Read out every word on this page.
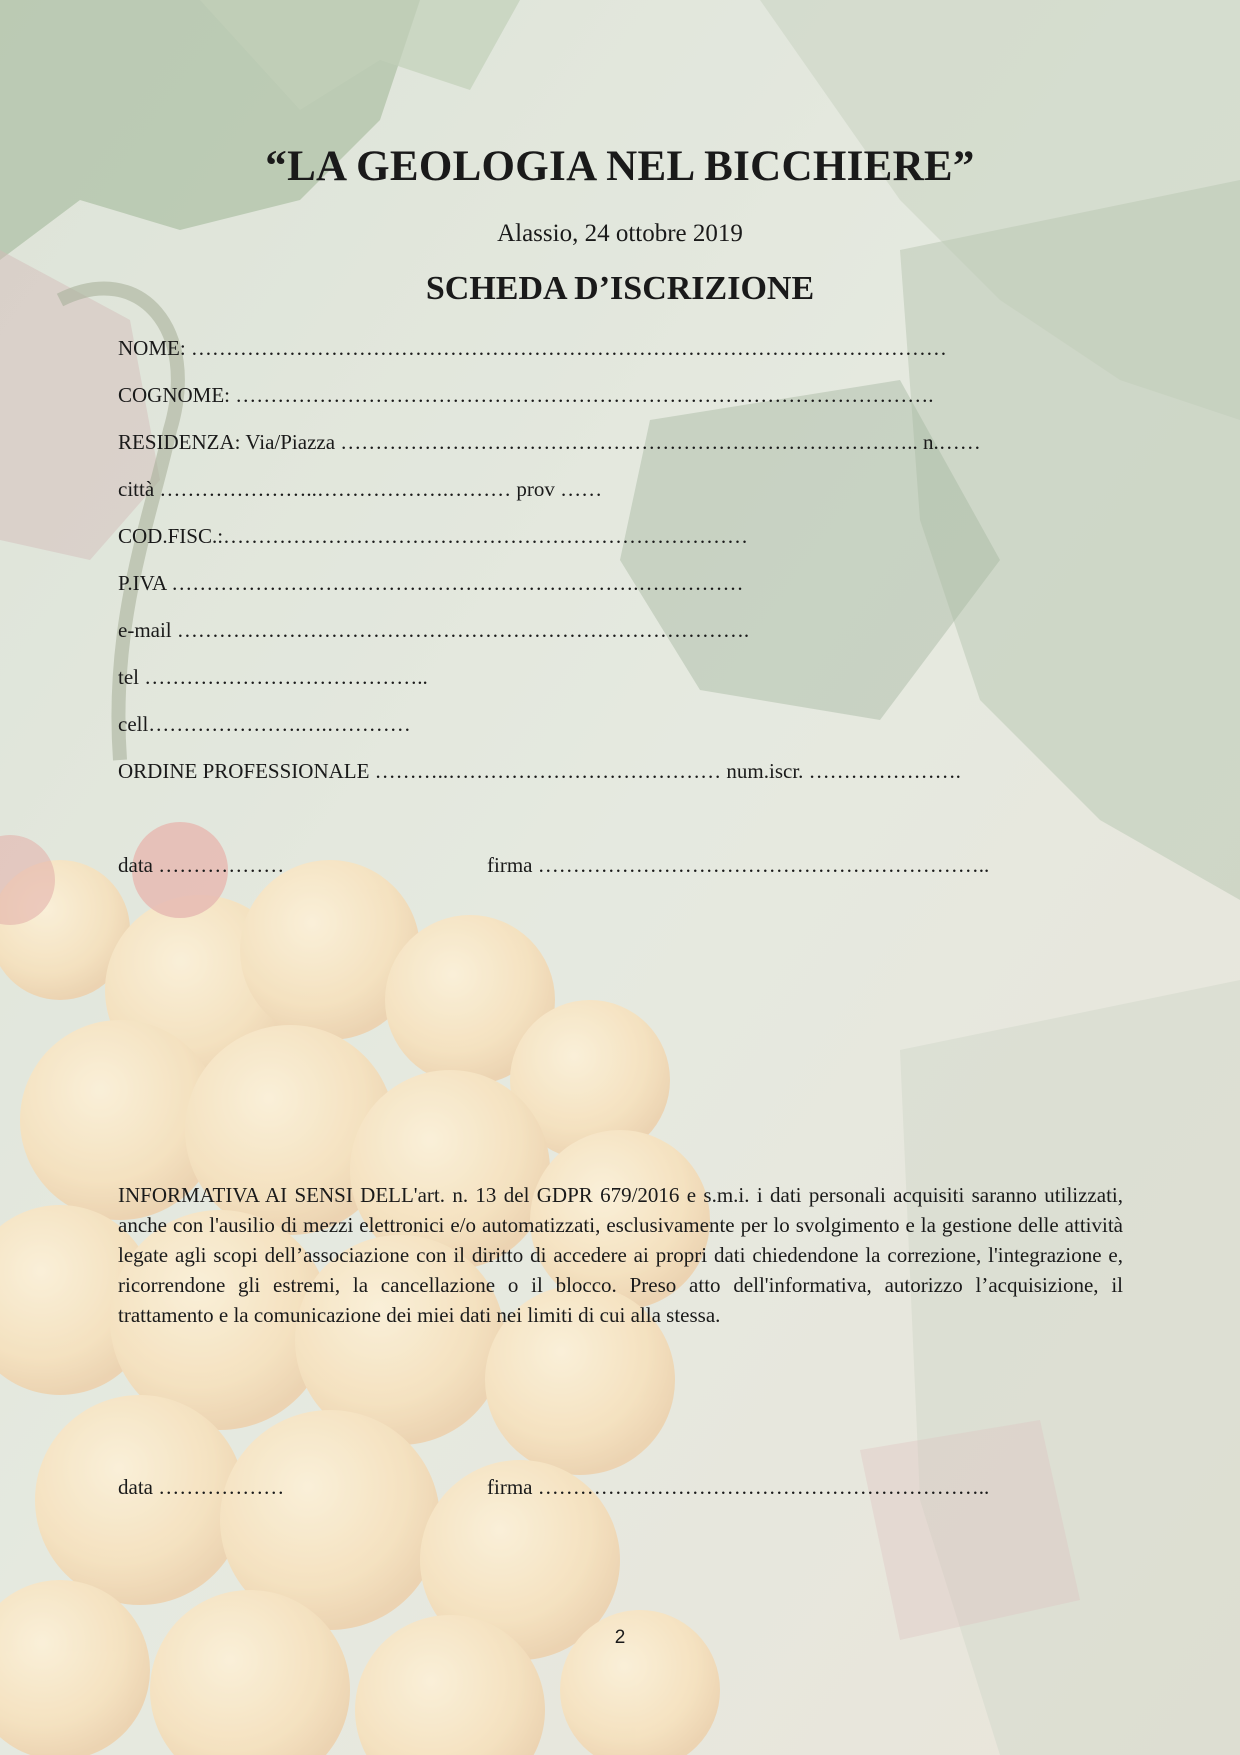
“LA GEOLOGIA NEL BICCHIERE”
Alassio, 24 ottobre 2019
SCHEDA D’ISCRIZIONE
NOME: ………………………………………………………………………………………………
COGNOME: ……………………………………………………………………………………….
RESIDENZA: Via/Piazza ……………………………………………………………………….. n.……
città …………………..……………….……… prov ……
COD.FISC.:…………………………………………………………………
P.IVA ………………………………………………………….……………
e-mail ……………………………………………………………………….
tel …………………………………..
cell………………….….…………
ORDINE PROFESSIONALE ………..………………………………… num.iscr. ………………….
data ………………	firma ………………………………………………………..

INFORMATIVA AI SENSI DELL'art. n. 13 del GDPR 679/2016 e s.m.i. i dati personali acquisiti saranno utilizzati, anche con l'ausilio di mezzi elettronici e/o automatizzati, esclusivamente per lo svolgimento e la gestione delle attività legate agli scopi dell’associazione con il diritto di accedere ai propri dati chiedendone la correzione, l'integrazione e, ricorrendone gli estremi, la cancellazione o il blocco. Preso atto dell'informativa, autorizzo l’acquisizione, il trattamento e la comunicazione dei miei dati nei limiti di cui alla stessa.

data ………………	firma ………………………………………………………..
2
